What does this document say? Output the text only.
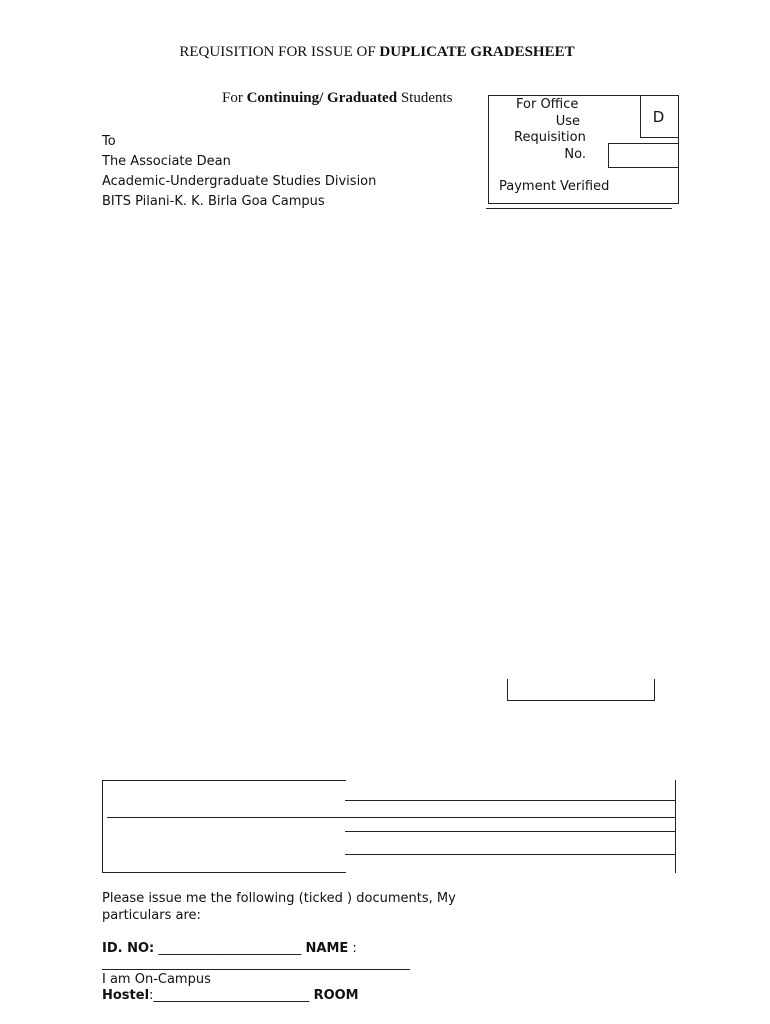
REQUISITION FOR ISSUE OF DUPLICATE GRADESHEET
For Continuing/ Graduated Students
To
The Associate Dean
Academic-Undergraduate Studies Division
BITS Pilani-K. K. Birla Goa Campus
For Office
Use
Requisition
No.
D
Payment Verified
Please issue me the following (ticked ) documents, My particulars are:
ID. NO: ______________________ NAME :
I am On-Campus
Hostel:________________________ ROOM
